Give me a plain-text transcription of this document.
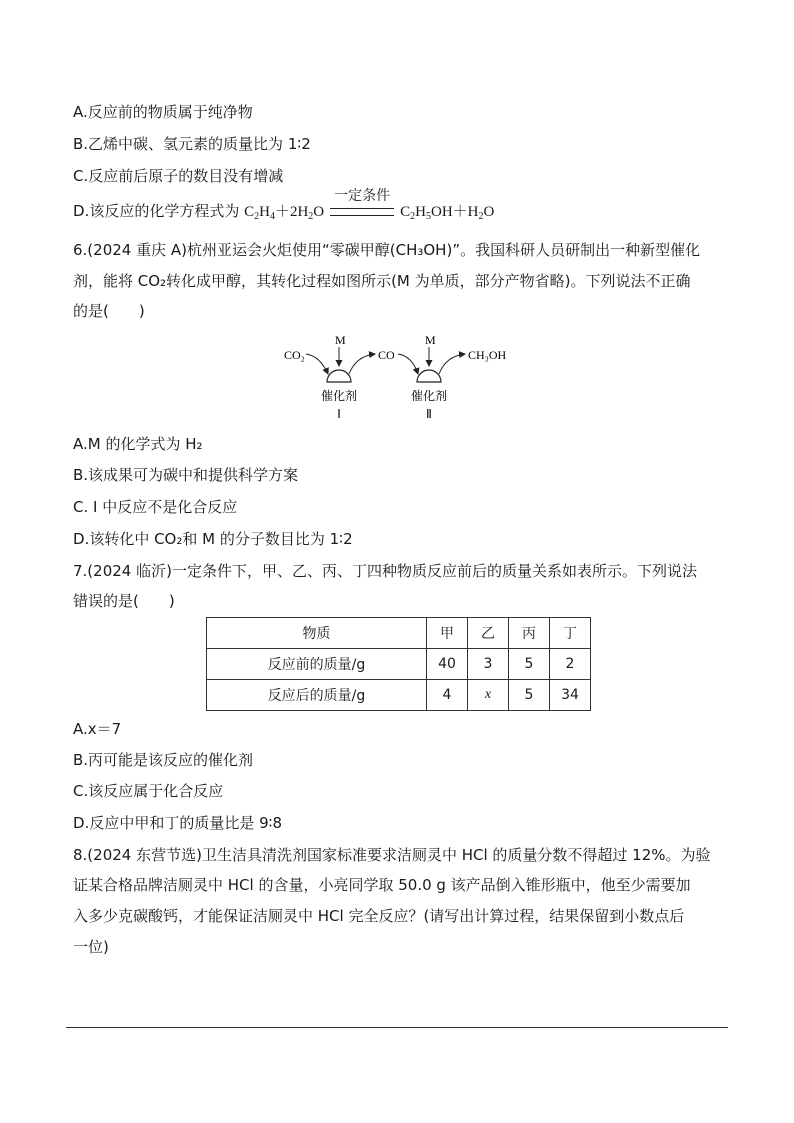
A.反应前的物质属于纯净物
B.乙烯中碳、氢元素的质量比为 1∶2
C.反应前后原子的数目没有增减
D.该反应的化学方程式为 $C_2H_4+2H_2O$
一定条件
$C_2H_5OH+H_2O$
6.(2024 重庆 A)杭州亚运会火炬使用“零碳甲醇(CH₃OH)”。我国科研人员研制出一种新型催化
剂，能将 CO₂转化成甲醇，其转化过程如图所示(M 为单质，部分产物省略)。下列说法不正确
的是(　　)
CO₂
M
CO
M
CH₃OH
催化剂
Ⅰ
催化剂
Ⅱ
A.M 的化学式为 H₂
B.该成果可为碳中和提供科学方案
C. Ⅰ 中反应不是化合反应
D.该转化中 CO₂和 M 的分子数目比为 1∶2
7.(2024 临沂)一定条件下，甲、乙、丙、丁四种物质反应前后的质量关系如表所示。下列说法
错误的是(　　)
物质	甲	乙	丙	丁
反应前的质量/g	40	3	5	2
反应后的质量/g	4	x	5	34
A.x＝7
B.丙可能是该反应的催化剂
C.该反应属于化合反应
D.反应中甲和丁的质量比是 9∶8
8.(2024 东营节选)卫生洁具清洗剂国家标准要求洁厕灵中 HCl 的质量分数不得超过 12%。为验
证某合格品牌洁厕灵中 HCl 的含量，小亮同学取 50.0 g 该产品倒入锥形瓶中，他至少需要加
入多少克碳酸钙，才能保证洁厕灵中 HCl 完全反应？(请写出计算过程，结果保留到小数点后
一位)
